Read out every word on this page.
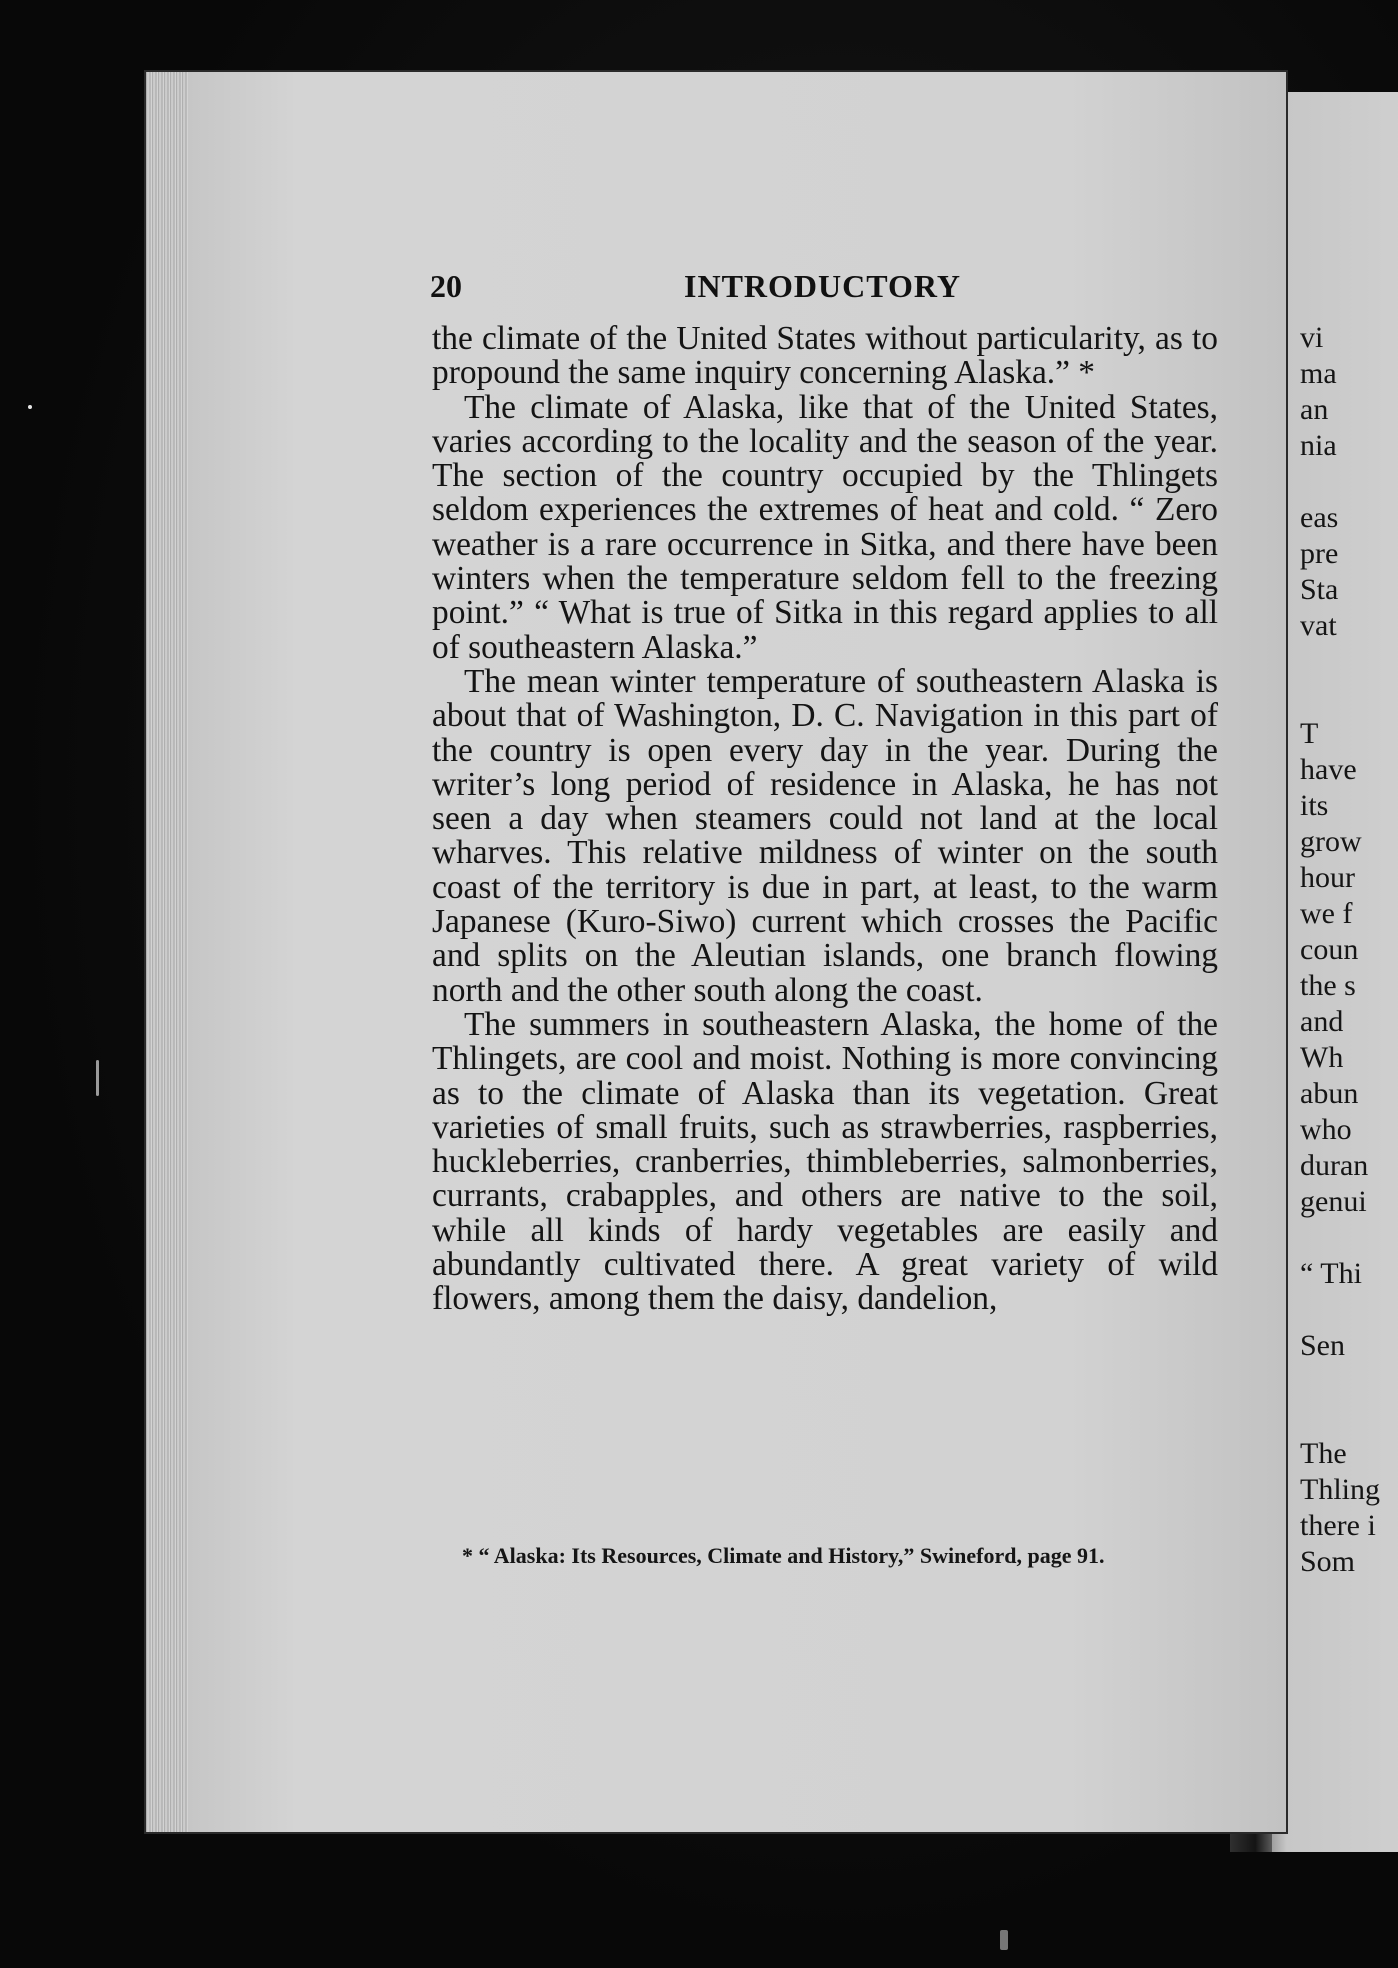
vi
ma
an
nia
eas
pre
Sta
vat
T
have
its
grow
hour
we f
coun
the s
and
Wh
abun
who
duran
genui
“ Thi
Sen
The
Thling
there i
Som
20	INTRODUCTORY

the climate of the United States without particularity, as to propound the same inquiry concerning Alaska.” *

The climate of Alaska, like that of the United States, varies according to the locality and the season of the year. The section of the country occupied by the Thlingets seldom experiences the extremes of heat and cold. “ Zero weather is a rare occurrence in Sitka, and there have been winters when the temperature seldom fell to the freezing point.” “ What is true of Sitka in this regard applies to all of southeastern Alaska.”

The mean winter temperature of southeastern Alaska is about that of Washington, D. C. Navigation in this part of the country is open every day in the year. During the writer’s long period of residence in Alaska, he has not seen a day when steamers could not land at the local wharves. This relative mildness of winter on the south coast of the territory is due in part, at least, to the warm Japanese (Kuro-Siwo) current which crosses the Pacific and splits on the Aleutian islands, one branch flowing north and the other south along the coast.

The summers in southeastern Alaska, the home of the Thlingets, are cool and moist. Nothing is more convincing as to the climate of Alaska than its vegetation. Great varieties of small fruits, such as strawberries, raspberries, huckleberries, cranberries, thimbleberries, salmonberries, currants, crabapples, and others are native to the soil, while all kinds of hardy vegetables are easily and abundantly cultivated there. A great variety of wild flowers, among them the daisy, dandelion,

* “ Alaska: Its Resources, Climate and History,” Swineford, page 91.
